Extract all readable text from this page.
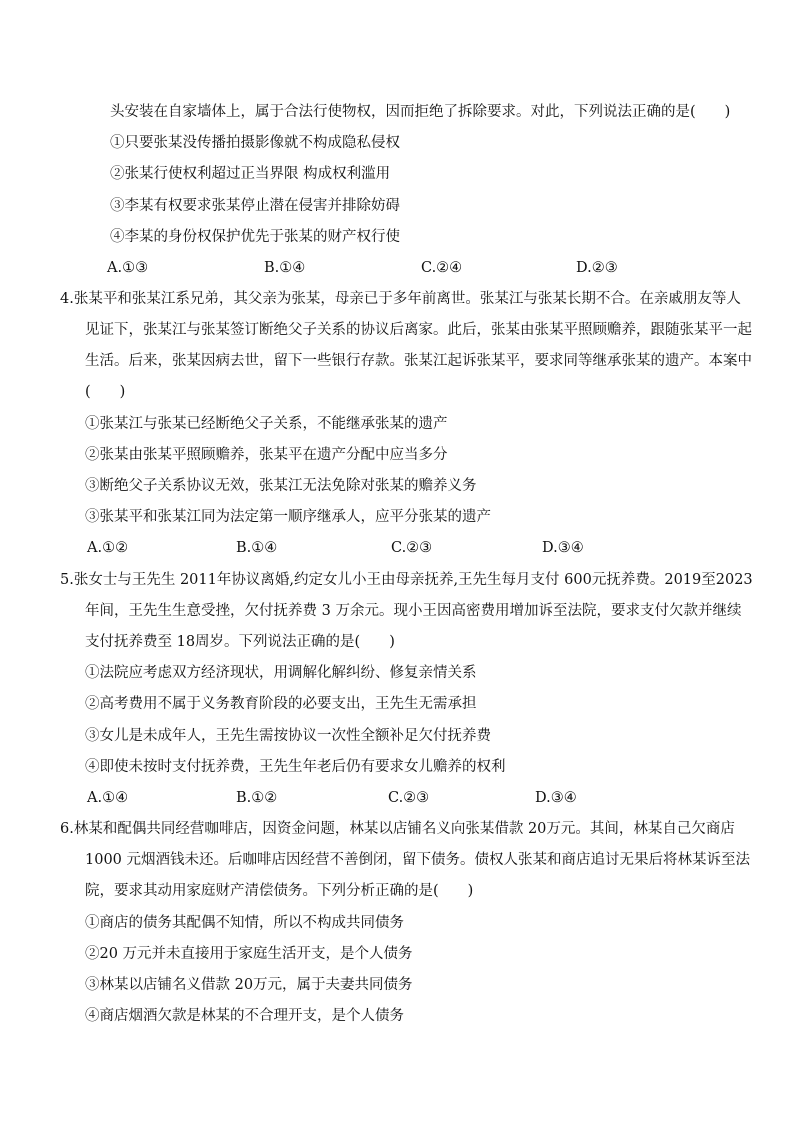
头安装在自家墙体上，属于合法行使物权，因而拒绝了拆除要求。对此，下列说法正确的是(　　)
①只要张某没传播拍摄影像就不构成隐私侵权
②张某行使权利超过正当界限 构成权利滥用
③李某有权要求张某停止潜在侵害并排除妨碍
④李某的身份权保护优先于张某的财产权行使
A.①③	B.①④	C.②④	D.②③
4.张某平和张某江系兄弟，其父亲为张某，母亲已于多年前离世。张某江与张某长期不合。在亲戚朋友等人
见证下，张某江与张某签订断绝父子关系的协议后离家。此后，张某由张某平照顾赡养，跟随张某平一起
生活。后来，张某因病去世，留下一些银行存款。张某江起诉张某平，要求同等继承张某的遗产。本案中
(　　)
①张某江与张某已经断绝父子关系，不能继承张某的遗产
②张某由张某平照顾赡养，张某平在遗产分配中应当多分
③断绝父子关系协议无效，张某江无法免除对张某的赡养义务
③张某平和张某江同为法定第一顺序继承人，应平分张某的遗产
A.①②	B.①④	C.②③	D.③④
5.张女士与王先生 2011年协议离婚,约定女儿小王由母亲抚养,王先生每月支付 600元抚养费。2019至2023
年间，王先生生意受挫，欠付抚养费 3 万余元。现小王因高密费用增加诉至法院，要求支付欠款并继续
支付抚养费至 18周岁。下列说法正确的是(　　)
①法院应考虑双方经济现状，用调解化解纠纷、修复亲情关系
②高考费用不属于义务教育阶段的必要支出，王先生无需承担
③女儿是未成年人，王先生需按协议一次性全额补足欠付抚养费
④即使未按时支付抚养费，王先生年老后仍有要求女儿赡养的权利
A.①④	B.①②	C.②③	D.③④
6.林某和配偶共同经营咖啡店，因资金问题，林某以店铺名义向张某借款 20万元。其间，林某自己欠商店
1000 元烟酒钱未还。后咖啡店因经营不善倒闭，留下债务。债权人张某和商店追讨无果后将林某诉至法
院，要求其动用家庭财产清偿债务。下列分析正确的是(　　)
①商店的债务其配偶不知情，所以不构成共同债务
②20 万元并未直接用于家庭生活开支，是个人债务
③林某以店铺名义借款 20万元，属于夫妻共同债务
④商店烟酒欠款是林某的不合理开支，是个人债务
